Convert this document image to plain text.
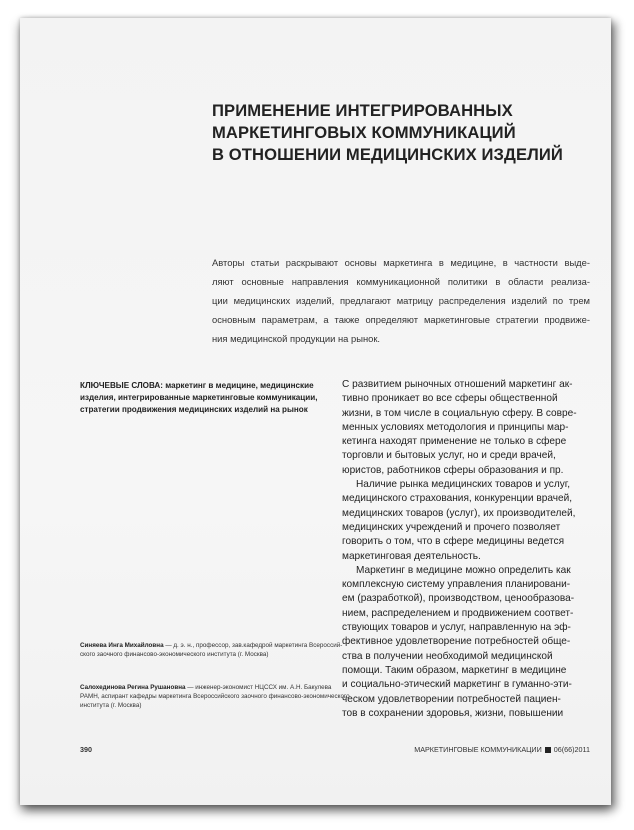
ПРИМЕНЕНИЕ ИНТЕГРИРОВАННЫХ
МАРКЕТИНГОВЫХ КОММУНИКАЦИЙ
В ОТНОШЕНИИ МЕДИЦИНСКИХ ИЗДЕЛИЙ
Авторы статьи раскрывают основы маркетинга в медицине, в частности выде-
ляют основные направления коммуникационной политики в области реализа-
ции медицинских изделий, предлагают матрицу распределения изделий по трем
основным параметрам, а также определяют маркетинговые стратегии продвиже-
ния медицинской продукции на рынок.
КЛЮЧЕВЫЕ СЛОВА: маркетинг в медицине, медицинские
изделия, интегрированные маркетинговые коммуникации,
стратегии продвижения медицинских изделий на рынок
С развитием рыночных отношений маркетинг ак-
тивно проникает во все сферы общественной
жизни, в том числе в социальную сферу. В совре-
менных условиях методология и принципы мар-
кетинга находят применение не только в сфере
торговли и бытовых услуг, но и среди врачей,
юристов, работников сферы образования и пр.
Наличие рынка медицинских товаров и услуг,
медицинского страхования, конкуренции врачей,
медицинских товаров (услуг), их производителей,
медицинских учреждений и прочего позволяет
говорить о том, что в сфере медицины ведется
маркетинговая деятельность.
Маркетинг в медицине можно определить как
комплексную систему управления планировани-
ем (разработкой), производством, ценообразова-
нием, распределением и продвижением соответ-
ствующих товаров и услуг, направленную на эф-
фективное удовлетворение потребностей обще-
ства в получении необходимой медицинской
помощи. Таким образом, маркетинг в медицине
и социально-этический маркетинг в гуманно-эти-
ческом удовлетворении потребностей пациен-
тов в сохранении здоровья, жизни, повышении
Синяева Инга Михайловна — д. э. н., профессор, зав.кафедрой маркетинга Всероссий-
ского заочного финансово-экономического института (г. Москва)
Салохединова Регина Рушановна — инженер-экономист НЦССХ им. А.Н. Бакулева
РАМН, аспирант кафедры маркетинга Всероссийского заочного финансово-экономического
института (г. Москва)
390	МАРКЕТИНГОВЫЕ КОММУНИКАЦИИ 06(66)2011
